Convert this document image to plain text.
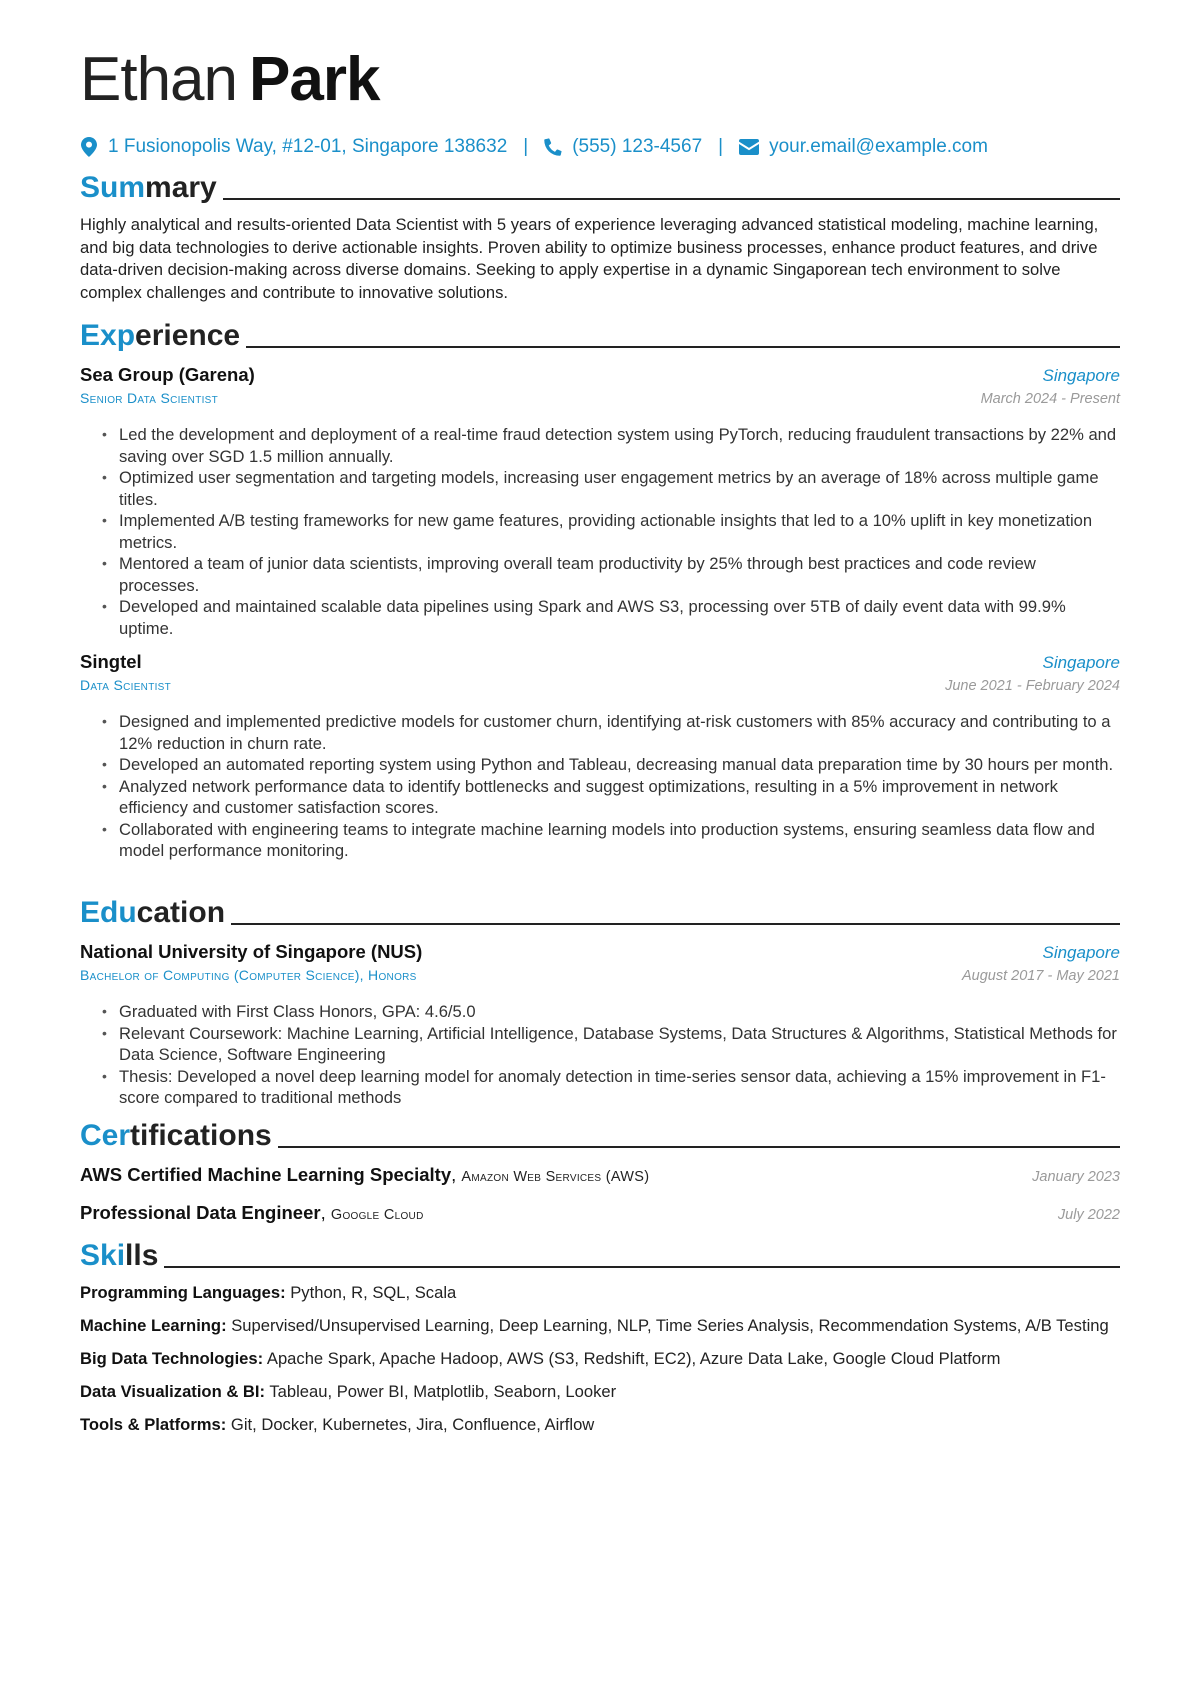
Ethan Park
1 Fusionopolis Way, #12-01, Singapore 138632 | (555) 123-4567 | your.email@example.com
Summary
Highly analytical and results-oriented Data Scientist with 5 years of experience leveraging advanced statistical modeling, machine learning, and big data technologies to derive actionable insights. Proven ability to optimize business processes, enhance product features, and drive data-driven decision-making across diverse domains. Seeking to apply expertise in a dynamic Singaporean tech environment to solve complex challenges and contribute to innovative solutions.
Experience
Sea Group (Garena)	Singapore
Senior Data Scientist	March 2024 - Present
• Led the development and deployment of a real-time fraud detection system using PyTorch, reducing fraudulent transactions by 22% and saving over SGD 1.5 million annually.
• Optimized user segmentation and targeting models, increasing user engagement metrics by an average of 18% across multiple game titles.
• Implemented A/B testing frameworks for new game features, providing actionable insights that led to a 10% uplift in key monetization metrics.
• Mentored a team of junior data scientists, improving overall team productivity by 25% through best practices and code review processes.
• Developed and maintained scalable data pipelines using Spark and AWS S3, processing over 5TB of daily event data with 99.9% uptime.
Singtel	Singapore
Data Scientist	June 2021 - February 2024
• Designed and implemented predictive models for customer churn, identifying at-risk customers with 85% accuracy and contributing to a 12% reduction in churn rate.
• Developed an automated reporting system using Python and Tableau, decreasing manual data preparation time by 30 hours per month.
• Analyzed network performance data to identify bottlenecks and suggest optimizations, resulting in a 5% improvement in network efficiency and customer satisfaction scores.
• Collaborated with engineering teams to integrate machine learning models into production systems, ensuring seamless data flow and model performance monitoring.
Education
National University of Singapore (NUS)	Singapore
Bachelor of Computing (Computer Science), Honors	August 2017 - May 2021
• Graduated with First Class Honors, GPA: 4.6/5.0
• Relevant Coursework: Machine Learning, Artificial Intelligence, Database Systems, Data Structures & Algorithms, Statistical Methods for Data Science, Software Engineering
• Thesis: Developed a novel deep learning model for anomaly detection in time-series sensor data, achieving a 15% improvement in F1-score compared to traditional methods
Certifications
AWS Certified Machine Learning Specialty, Amazon Web Services (AWS)	January 2023
Professional Data Engineer, Google Cloud	July 2022
Skills
Programming Languages: Python, R, SQL, Scala
Machine Learning: Supervised/Unsupervised Learning, Deep Learning, NLP, Time Series Analysis, Recommendation Systems, A/B Testing
Big Data Technologies: Apache Spark, Apache Hadoop, AWS (S3, Redshift, EC2), Azure Data Lake, Google Cloud Platform
Data Visualization & BI: Tableau, Power BI, Matplotlib, Seaborn, Looker
Tools & Platforms: Git, Docker, Kubernetes, Jira, Confluence, Airflow
